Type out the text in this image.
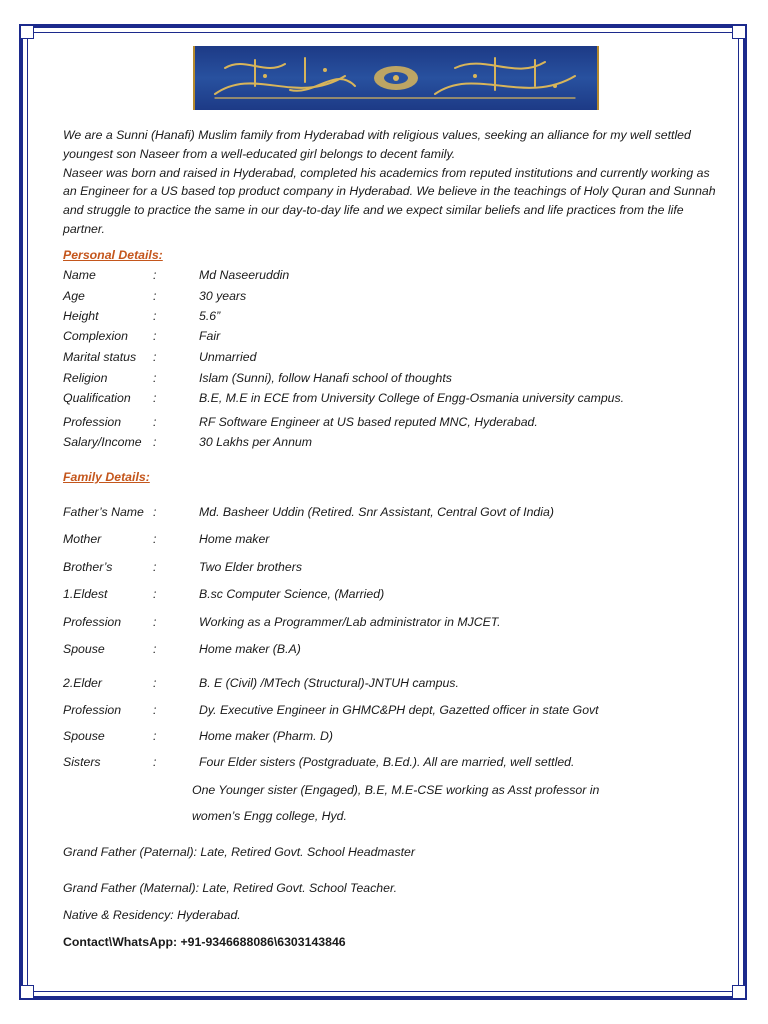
We are a Sunni (Hanafi) Muslim family from Hyderabad with religious values, seeking an alliance for my well settled youngest son Naseer from a well-educated girl belongs to decent family.

Naseer was born and raised in Hyderabad, completed his academics from reputed institutions and currently working as an Engineer for a US based top product company in Hyderabad. We believe in the teachings of Holy Quran and Sunnah and struggle to practice the same in our day-to-day life and we expect similar beliefs and life practices from the life partner.

Personal Details:
Name	:	Md Naseeruddin
Age	:	30 years
Height	:	5.6”
Complexion :	Fair
Marital status :	Unmarried
Religion	:	Islam (Sunni), follow Hanafi school of thoughts
Qualification :	B.E, M.E in ECE from University College of Engg-Osmania university campus.
Profession	:	RF Software Engineer at US based reputed MNC, Hyderabad.
Salary/Income :	30 Lakhs per Annum
Family Details:
Father’s Name :	Md. Basheer Uddin (Retired. Snr Assistant, Central Govt of India)
Mother	:	Home maker
Brother’s	:	Two Elder brothers
1.Eldest	:	B.sc Computer Science, (Married)
Profession	:	Working as a Programmer/Lab administrator in MJCET.
Spouse	:	Home maker (B.A)
2.Elder	:	B. E (Civil) /MTech (Structural)-JNTUH campus.
Profession	:	Dy. Executive Engineer in GHMC&PH dept, Gazetted officer in state Govt
Spouse	:	Home maker (Pharm. D)
Sisters	:	Four Elder sisters (Postgraduate, B.Ed.). All are married, well settled.
One Younger sister (Engaged), B.E, M.E-CSE working as Asst professor in
women’s Engg college, Hyd.
Grand Father (Paternal): Late, Retired Govt. School Headmaster
Grand Father (Maternal): Late, Retired Govt. School Teacher.
Native & Residency: Hyderabad.
Contact\WhatsApp: +91-9346688086\6303143846
